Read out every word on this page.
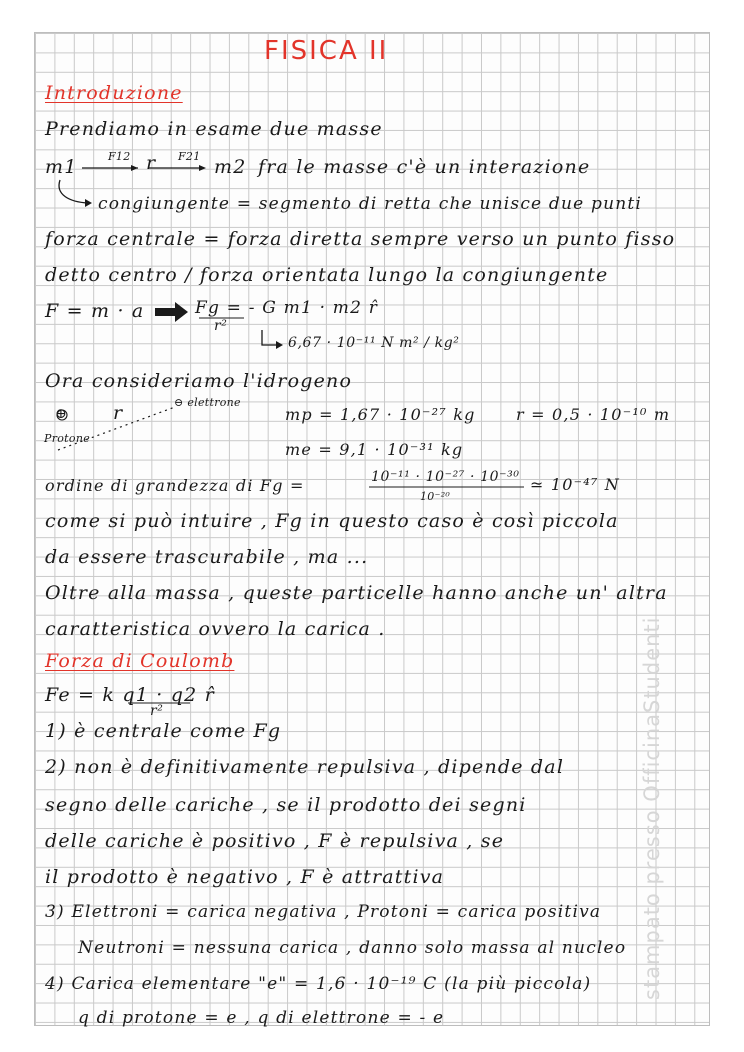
FISICA II
Introduzione
Prendiamo in esame due masse
m1	F12 r F21 m2 fra le masse c'è un interazione
congiungente = segmento di retta che unisce due punti
forza centrale = forza diretta sempre verso un punto fisso
detto centro / forza orientata lungo la congiungente
F = m · a	Fg = - G m1 · m2 r̂
r²
6,67 · 10⁻¹¹ N m² / kg²
Ora consideriamo l'idrogeno
⊖ elettrone
⊕ r
Protone
mp = 1,67 · 10⁻²⁷ kg	r = 0,5 · 10⁻¹⁰ m
me = 9,1 · 10⁻³¹ kg
ordine di grandezza di Fg =	10⁻¹¹ · 10⁻²⁷ · 10⁻³⁰
10⁻²⁰
≃ 10⁻⁴⁷ N
come si può intuire , Fg in questo caso è così piccola
da essere trascurabile , ma ...
Oltre alla massa , queste particelle hanno anche un' altra
caratteristica ovvero la carica .
Forza di Coulomb
Fe = k q1 · q2 r̂
r²
1) è centrale come Fg
2) non è definitivamente repulsiva , dipende dal
segno delle cariche , se il prodotto dei segni
delle cariche è positivo , F è repulsiva , se
il prodotto è negativo , F è attrattiva
3) Elettroni = carica negativa , Protoni = carica positiva
Neutroni = nessuna carica , danno solo massa al nucleo
4) Carica elementare "e" = 1,6 · 10⁻¹⁹ C (la più piccola)
q di protone = e , q di elettrone = - e
stampato presso OfficinaStudenti
